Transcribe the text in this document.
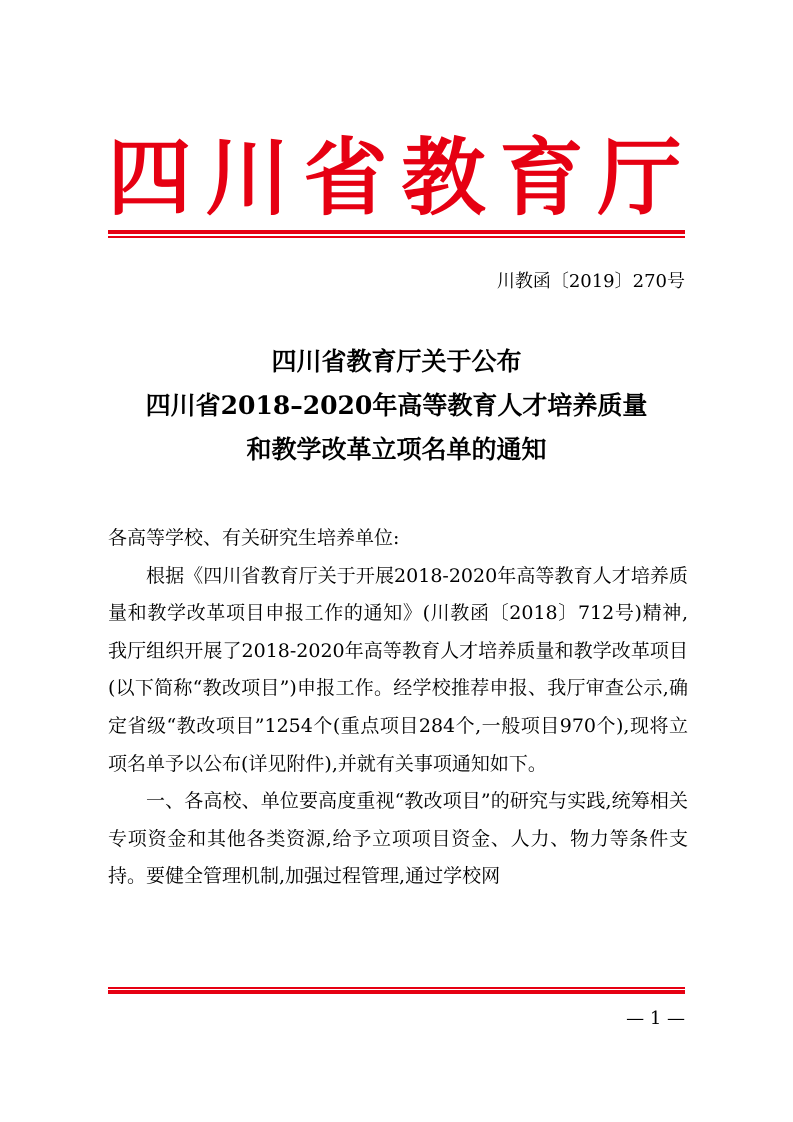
四川省教育厅
川教函〔2019〕270号
四川省教育厅关于公布
四川省2018–2020年高等教育人才培养质量
和教学改革立项名单的通知

各高等学校、有关研究生培养单位:

根据《四川省教育厅关于开展2018-2020年高等教育人才培养质量和教学改革项目申报工作的通知》(川教函〔2018〕712号)精神,我厅组织开展了2018-2020年高等教育人才培养质量和教学改革项目(以下简称“教改项目”)申报工作。经学校推荐申报、我厅审查公示,确定省级“教改项目”1254个(重点项目284个,一般项目970个),现将立项名单予以公布(详见附件),并就有关事项通知如下。

一、各高校、单位要高度重视“教改项目”的研究与实践,统筹相关专项资金和其他各类资源,给予立项项目资金、人力、物力等条件支持。要健全管理机制,加强过程管理,通过学校网

— 1 —
